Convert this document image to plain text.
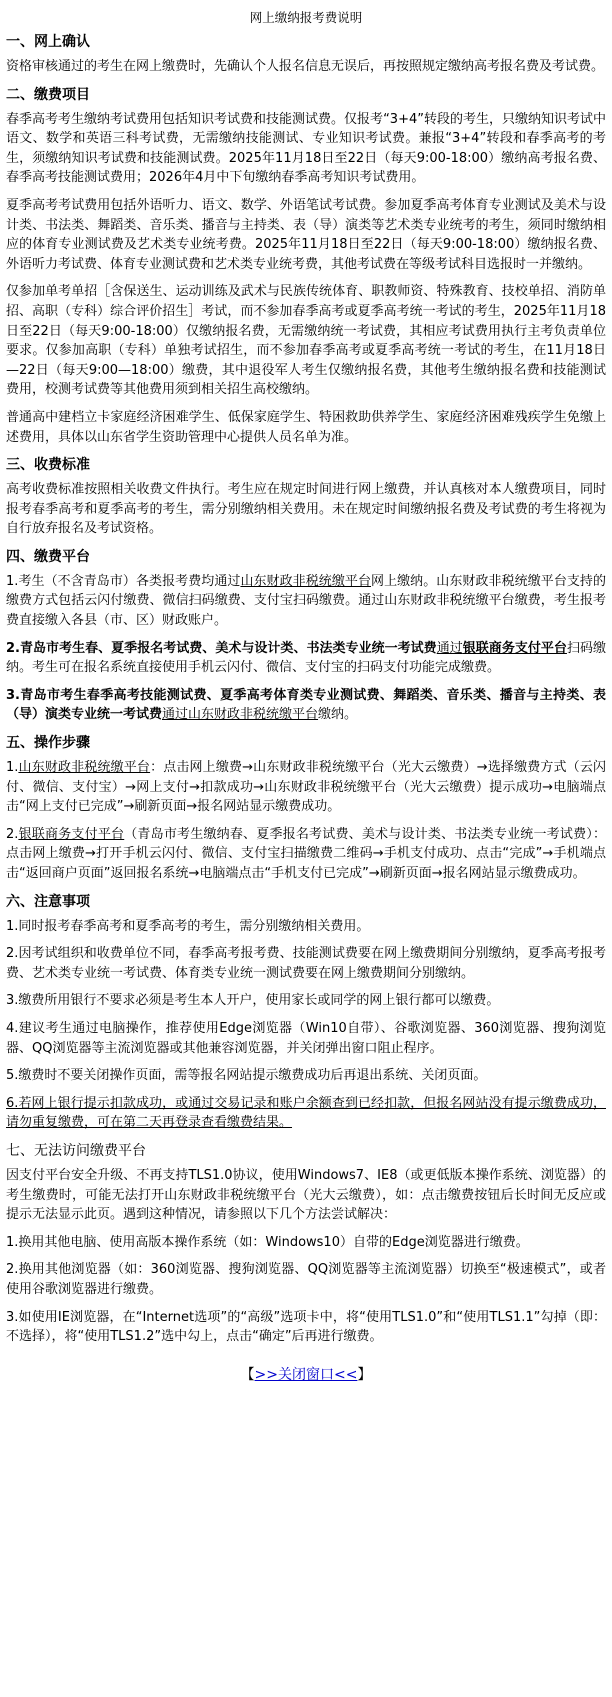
网上缴纳报考费说明
一、网上确认

资格审核通过的考生在网上缴费时，先确认个人报名信息无误后，再按照规定缴纳高考报名费及考试费。

二、缴费项目

春季高考考生缴纳考试费用包括知识考试费和技能测试费。仅报考“3+4”转段的考生，只缴纳知识考试中语文、数学和英语三科考试费，无需缴纳技能测试、专业知识考试费。兼报“3+4”转段和春季高考的考生，须缴纳知识考试费和技能测试费。2025年11月18日至22日（每天9:00-18:00）缴纳高考报名费、春季高考技能测试费用；2026年4月中下旬缴纳春季高考知识考试费用。

夏季高考考试费用包括外语听力、语文、数学、外语笔试考试费。参加夏季高考体育专业测试及美术与设计类、书法类、舞蹈类、音乐类、播音与主持类、表（导）演类等艺术类专业统考的考生，须同时缴纳相应的体育专业测试费及艺术类专业统考费。2025年11月18日至22日（每天9:00-18:00）缴纳报名费、外语听力考试费、体育专业测试费和艺术类专业统考费，其他考试费在等级考试科目选报时一并缴纳。

仅参加单考单招［含保送生、运动训练及武术与民族传统体育、职教师资、特殊教育、技校单招、消防单招、高职（专科）综合评价招生］考试，而不参加春季高考或夏季高考统一考试的考生，2025年11月18日至22日（每天9:00-18:00）仅缴纳报名费，无需缴纳统一考试费，其相应考试费用执行主考负责单位要求。仅参加高职（专科）单独考试招生，而不参加春季高考或夏季高考统一考试的考生，在11月18日—22日（每天9:00—18:00）缴费，其中退役军人考生仅缴纳报名费，其他考生缴纳报名费和技能测试费用，校测考试费等其他费用须到相关招生高校缴纳。

普通高中建档立卡家庭经济困难学生、低保家庭学生、特困救助供养学生、家庭经济困难残疾学生免缴上述费用，具体以山东省学生资助管理中心提供人员名单为准。

三、收费标准

高考收费标准按照相关收费文件执行。考生应在规定时间进行网上缴费，并认真核对本人缴费项目，同时报考春季高考和夏季高考的考生，需分别缴纳相关费用。未在规定时间缴纳报名费及考试费的考生将视为自行放弃报名及考试资格。

四、缴费平台

1.考生（不含青岛市）各类报考费均通过山东财政非税统缴平台网上缴纳。山东财政非税统缴平台支持的缴费方式包括云闪付缴费、微信扫码缴费、支付宝扫码缴费。通过山东财政非税统缴平台缴费，考生报考费直接缴入各县（市、区）财政账户。

2.青岛市考生春、夏季报名考试费、美术与设计类、书法类专业统一考试费通过银联商务支付平台扫码缴纳。考生可在报名系统直接使用手机云闪付、微信、支付宝的扫码支付功能完成缴费。

3.青岛市考生春季高考技能测试费、夏季高考体育类专业测试费、舞蹈类、音乐类、播音与主持类、表（导）演类专业统一考试费通过山东财政非税统缴平台缴纳。

五、操作步骤

1.山东财政非税统缴平台：点击网上缴费→山东财政非税统缴平台（光大云缴费）→选择缴费方式（云闪付、微信、支付宝）→网上支付→扣款成功→山东财政非税统缴平台（光大云缴费）提示成功→电脑端点击“网上支付已完成”→刷新页面→报名网站显示缴费成功。

2.银联商务支付平台（青岛市考生缴纳春、夏季报名考试费、美术与设计类、书法类专业统一考试费）：点击网上缴费→打开手机云闪付、微信、支付宝扫描缴费二维码→手机支付成功、点击“完成”→手机端点击“返回商户页面”返回报名系统→电脑端点击“手机支付已完成”→刷新页面→报名网站显示缴费成功。

六、注意事项

1.同时报考春季高考和夏季高考的考生，需分别缴纳相关费用。

2.因考试组织和收费单位不同，春季高考报考费、技能测试费要在网上缴费期间分别缴纳，夏季高考报考费、艺术类专业统一考试费、体育类专业统一测试费要在网上缴费期间分别缴纳。

3.缴费所用银行不要求必须是考生本人开户，使用家长或同学的网上银行都可以缴费。

4.建议考生通过电脑操作，推荐使用Edge浏览器（Win10自带）、谷歌浏览器、360浏览器、搜狗浏览器、QQ浏览器等主流浏览器或其他兼容浏览器，并关闭弹出窗口阻止程序。

5.缴费时不要关闭操作页面，需等报名网站提示缴费成功后再退出系统、关闭页面。

6.若网上银行提示扣款成功，或通过交易记录和账户余额查到已经扣款，但报名网站没有提示缴费成功，请勿重复缴费，可在第二天再登录查看缴费结果。

七、无法访问缴费平台

因支付平台安全升级、不再支持TLS1.0协议，使用Windows7、IE8（或更低版本操作系统、浏览器）的考生缴费时，可能无法打开山东财政非税统缴平台（光大云缴费），如：点击缴费按钮后长时间无反应或提示无法显示此页。遇到这种情况，请参照以下几个方法尝试解决：

1.换用其他电脑、使用高版本操作系统（如：Windows10）自带的Edge浏览器进行缴费。

2.换用其他浏览器（如：360浏览器、搜狗浏览器、QQ浏览器等主流浏览器）切换至“极速模式”，或者使用谷歌浏览器进行缴费。

3.如使用IE浏览器，在“Internet选项”的“高级”选项卡中，将“使用TLS1.0”和“使用TLS1.1”勾掉（即：不选择），将“使用TLS1.2”选中勾上，点击“确定”后再进行缴费。

【>>关闭窗口<<】
